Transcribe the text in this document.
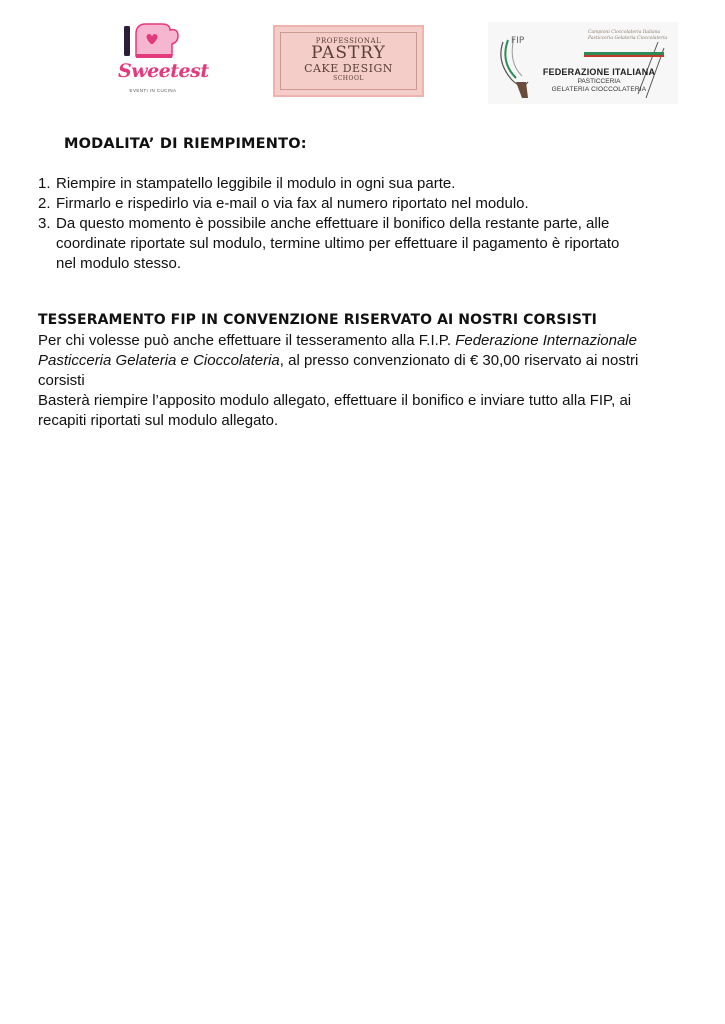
Sweetest
EVENTI IN CUCINA
PROFESSIONAL
PASTRY
CAKE DESIGN
SCHOOL
FIP
Campioni Cioccolateria Italiana Pasticceria Gelateria Cioccolateria
FEDERAZIONE ITALIANA
PASTICCERIA
GELATERIA CIOCCOLATERIA
MODALITA’ DI RIEMPIMENTO:
1. Riempire in stampatello leggibile il modulo in ogni sua parte.
2. Firmarlo e rispedirlo via e-mail o via fax al numero riportato nel modulo.
3. Da questo momento è possibile anche effettuare il bonifico della restante parte, alle
coordinate riportate sul modulo, termine ultimo per effettuare il pagamento è riportato
nel modulo stesso.
TESSERAMENTO FIP IN CONVENZIONE RISERVATO AI NOSTRI CORSISTI

Per chi volesse può anche effettuare il tesseramento alla F.I.P. Federazione Internazionale

Pasticceria Gelateria e Cioccolateria, al presso convenzionato di € 30,00 riservato ai nostri

corsisti

Basterà riempire l’apposito modulo allegato, effettuare il bonifico e inviare tutto alla FIP, ai

recapiti riportati sul modulo allegato.
